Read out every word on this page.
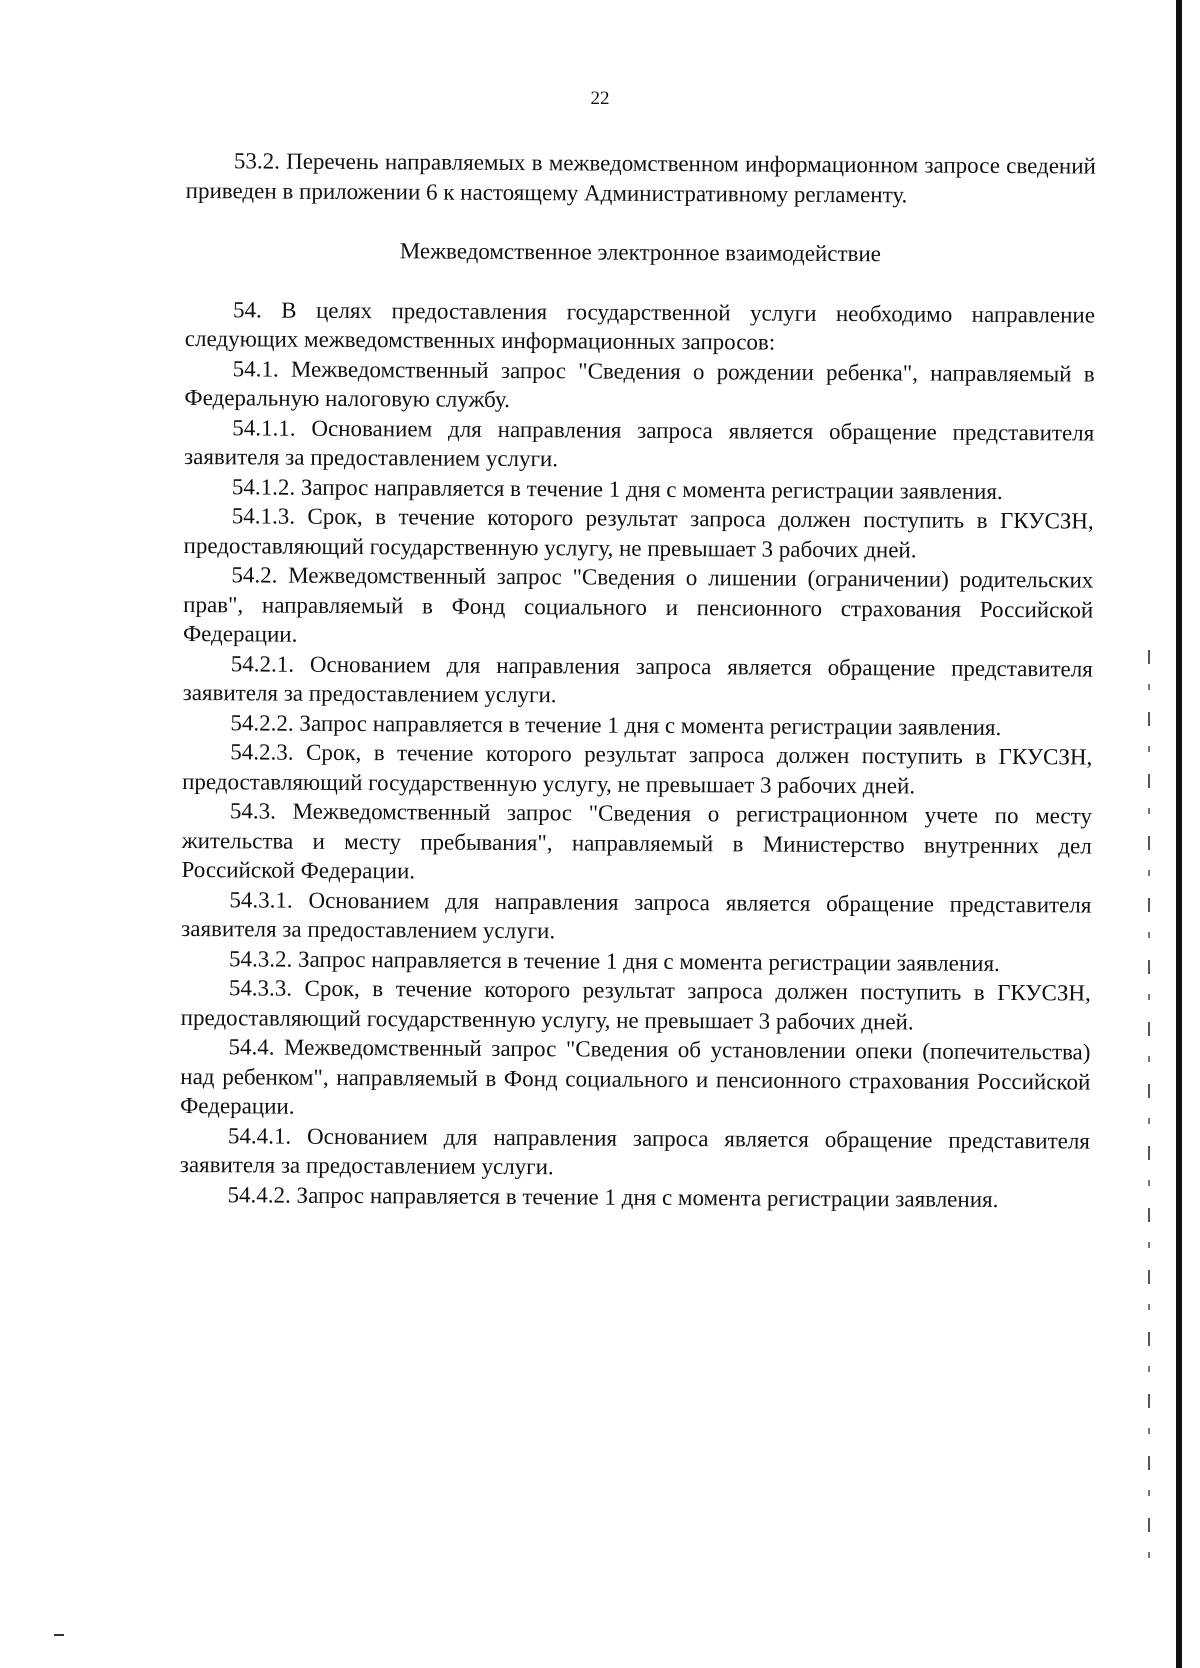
22

53.2. Перечень направляемых в межведомственном информационном запросе сведений приведен в приложении 6 к настоящему Административному регламенту.

Межведомственное электронное взаимодействие

54. В целях предоставления государственной услуги необходимо направление следующих межведомственных информационных запросов:

54.1. Межведомственный запрос "Сведения о рождении ребенка", направляемый в Федеральную налоговую службу.

54.1.1. Основанием для направления запроса является обращение представителя заявителя за предоставлением услуги.

54.1.2. Запрос направляется в течение 1 дня с момента регистрации заявления.

54.1.3. Срок, в течение которого результат запроса должен поступить в ГКУСЗН, предоставляющий государственную услугу, не превышает 3 рабочих дней.

54.2. Межведомственный запрос "Сведения о лишении (ограничении) родительских прав", направляемый в Фонд социального и пенсионного страхования Российской Федерации.

54.2.1. Основанием для направления запроса является обращение представителя заявителя за предоставлением услуги.

54.2.2. Запрос направляется в течение 1 дня с момента регистрации заявления.

54.2.3. Срок, в течение которого результат запроса должен поступить в ГКУСЗН, предоставляющий государственную услугу, не превышает 3 рабочих дней.

54.3. Межведомственный запрос "Сведения о регистрационном учете по месту жительства и месту пребывания", направляемый в Министерство внутренних дел Российской Федерации.

54.3.1. Основанием для направления запроса является обращение представителя заявителя за предоставлением услуги.

54.3.2. Запрос направляется в течение 1 дня с момента регистрации заявления.

54.3.3. Срок, в течение которого результат запроса должен поступить в ГКУСЗН, предоставляющий государственную услугу, не превышает 3 рабочих дней.

54.4. Межведомственный запрос "Сведения об установлении опеки (попечительства) над ребенком", направляемый в Фонд социального и пенсионного страхования Российской Федерации.

54.4.1. Основанием для направления запроса является обращение представителя заявителя за предоставлением услуги.

54.4.2. Запрос направляется в течение 1 дня с момента регистрации заявления.
